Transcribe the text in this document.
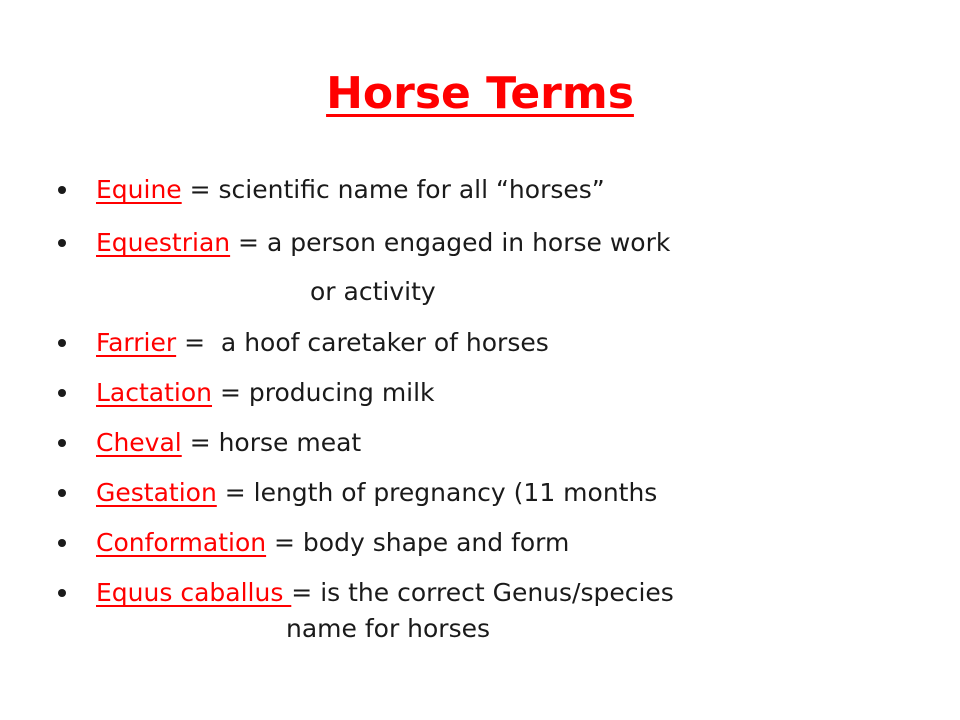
Horse Terms
Equine = scientific name for all “horses”
Equestrian = a person engaged in horse work
or activity
Farrier =  a hoof caretaker of horses
Lactation = producing milk
Cheval = horse meat
Gestation = length of pregnancy (11 months
Conformation = body shape and form
Equus caballus = is the correct Genus/species
name for horses
